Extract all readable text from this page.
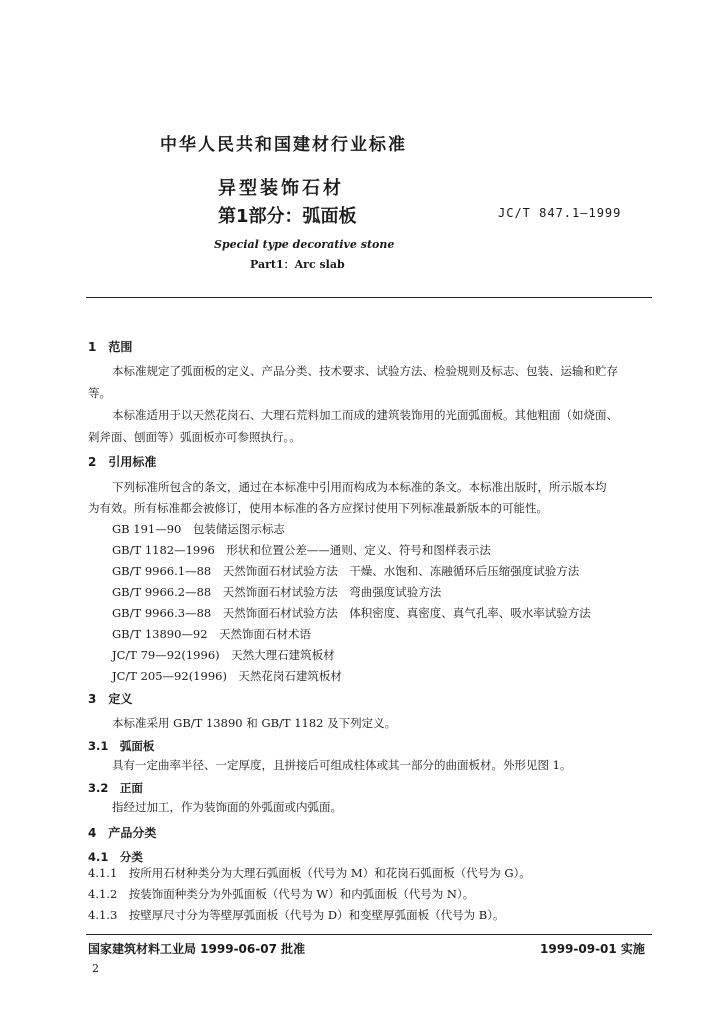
中华人民共和国建材行业标准
异型装饰石材
第1部分：弧面板	JC/T 847.1—1999
Special type decorative stone
Part1：Arc slab
1　范围
本标准规定了弧面板的定义、产品分类、技术要求、试验方法、检验规则及标志、包装、运输和贮存
等。
本标准适用于以天然花岗石、大理石荒料加工而成的建筑装饰用的光面弧面板。其他粗面（如烧面、
剁斧面、刨面等）弧面板亦可参照执行。。
2　引用标准
下列标准所包含的条文，通过在本标准中引用而构成为本标准的条文。本标准出版时，所示版本均
为有效。所有标准都会被修订，使用本标准的各方应探讨使用下列标准最新版本的可能性。
GB 191—90　包装储运图示标志
GB/T 1182—1996　形状和位置公差——通则、定义、符号和图样表示法
GB/T 9966.1—88　天然饰面石材试验方法　干燥、水饱和、冻融循环后压缩强度试验方法
GB/T 9966.2—88　天然饰面石材试验方法　弯曲强度试验方法
GB/T 9966.3—88　天然饰面石材试验方法　体积密度、真密度、真气孔率、吸水率试验方法
GB/T 13890—92　天然饰面石材术语
JC/T 79—92(1996)　天然大理石建筑板材
JC/T 205—92(1996)　天然花岗石建筑板材
3　定义
本标准采用 GB/T 13890 和 GB/T 1182 及下列定义。
3.1　弧面板
具有一定曲率半径、一定厚度，且拼接后可组成柱体或其一部分的曲面板材。外形见图 1。
3.2　正面
指经过加工，作为装饰面的外弧面或内弧面。
4　产品分类
4.1　分类
4.1.1　按所用石材种类分为大理石弧面板（代号为 M）和花岗石弧面板（代号为 G）。
4.1.2　按装饰面种类分为外弧面板（代号为 W）和内弧面板（代号为 N）。
4.1.3　按壁厚尺寸分为等壁厚弧面板（代号为 D）和变壁厚弧面板（代号为 B）。
国家建筑材料工业局 1999-06-07 批准	1999-09-01 实施
2
